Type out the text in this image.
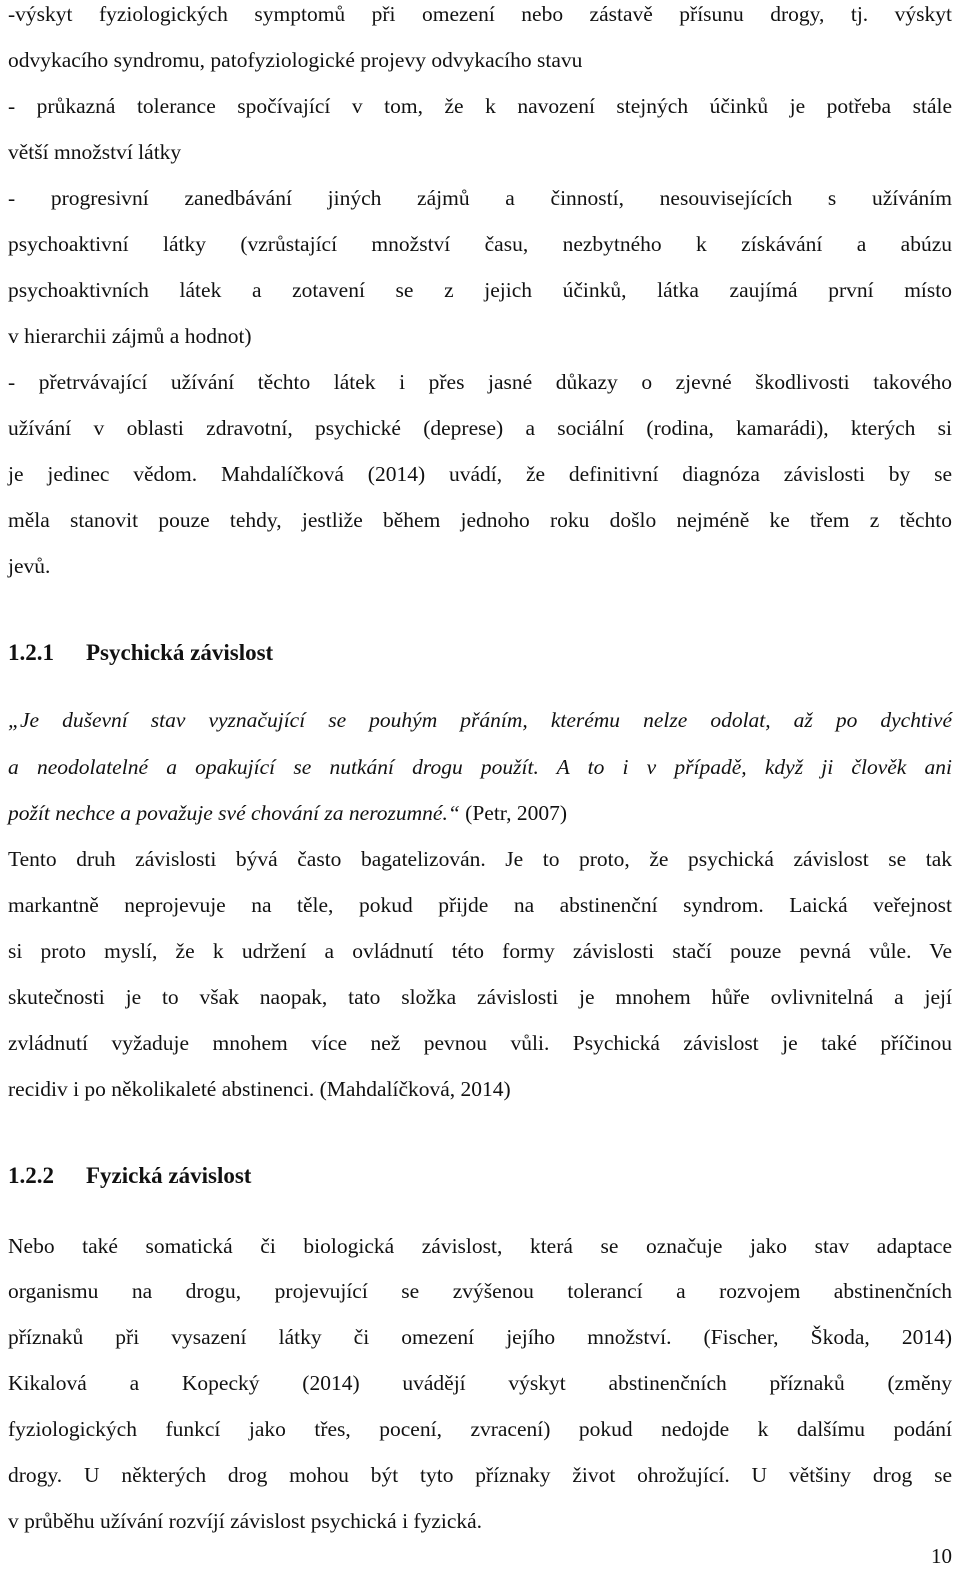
-výskyt fyziologických symptomů při omezení nebo zástavě přísunu drogy, tj. výskyt
odvykacího syndromu, patofyziologické projevy odvykacího stavu
- průkazná tolerance spočívající v tom, že k navození stejných účinků je potřeba stále
větší množství látky
- progresivní zanedbávání jiných zájmů a činností, nesouvisejících s užíváním
psychoaktivní látky (vzrůstající množství času, nezbytného k získávání a abúzu
psychoaktivních látek a zotavení se z jejich účinků, látka zaujímá první místo
v hierarchii zájmů a hodnot)
- přetrvávající užívání těchto látek i přes jasné důkazy o zjevné škodlivosti takového
užívání v oblasti zdravotní, psychické (deprese) a sociální (rodina, kamarádi), kterých si
je jedinec vědom. Mahdalíčková (2014) uvádí, že definitivní diagnóza závislosti by se
měla stanovit pouze tehdy, jestliže během jednoho roku došlo nejméně ke třem z těchto
jevů.
1.2.1 Psychická závislost
„Je duševní stav vyznačující se pouhým přáním, kterému nelze odolat, až po dychtivé
a neodolatelné a opakující se nutkání drogu použít. A to i v případě, když ji člověk ani
požít nechce a považuje své chování za nerozumné.“ (Petr, 2007)
Tento druh závislosti bývá často bagatelizován. Je to proto, že psychická závislost se tak
markantně neprojevuje na těle, pokud přijde na abstinenční syndrom. Laická veřejnost
si proto myslí, že k udržení a ovládnutí této formy závislosti stačí pouze pevná vůle. Ve
skutečnosti je to však naopak, tato složka závislosti je mnohem hůře ovlivnitelná a její
zvládnutí vyžaduje mnohem více než pevnou vůli. Psychická závislost je také příčinou
recidiv i po několikaleté abstinenci. (Mahdalíčková, 2014)
1.2.2 Fyzická závislost
Nebo také somatická či biologická závislost, která se označuje jako stav adaptace
organismu na drogu, projevující se zvýšenou tolerancí a rozvojem abstinenčních
příznaků při vysazení látky či omezení jejího množství. (Fischer, Škoda, 2014)
Kikalová a Kopecký (2014) uvádějí výskyt abstinenčních příznaků (změny
fyziologických funkcí jako třes, pocení, zvracení) pokud nedojde k dalšímu podání
drogy. U některých drog mohou být tyto příznaky život ohrožující. U většiny drog se
v průběhu užívání rozvíjí závislost psychická i fyzická.
10
